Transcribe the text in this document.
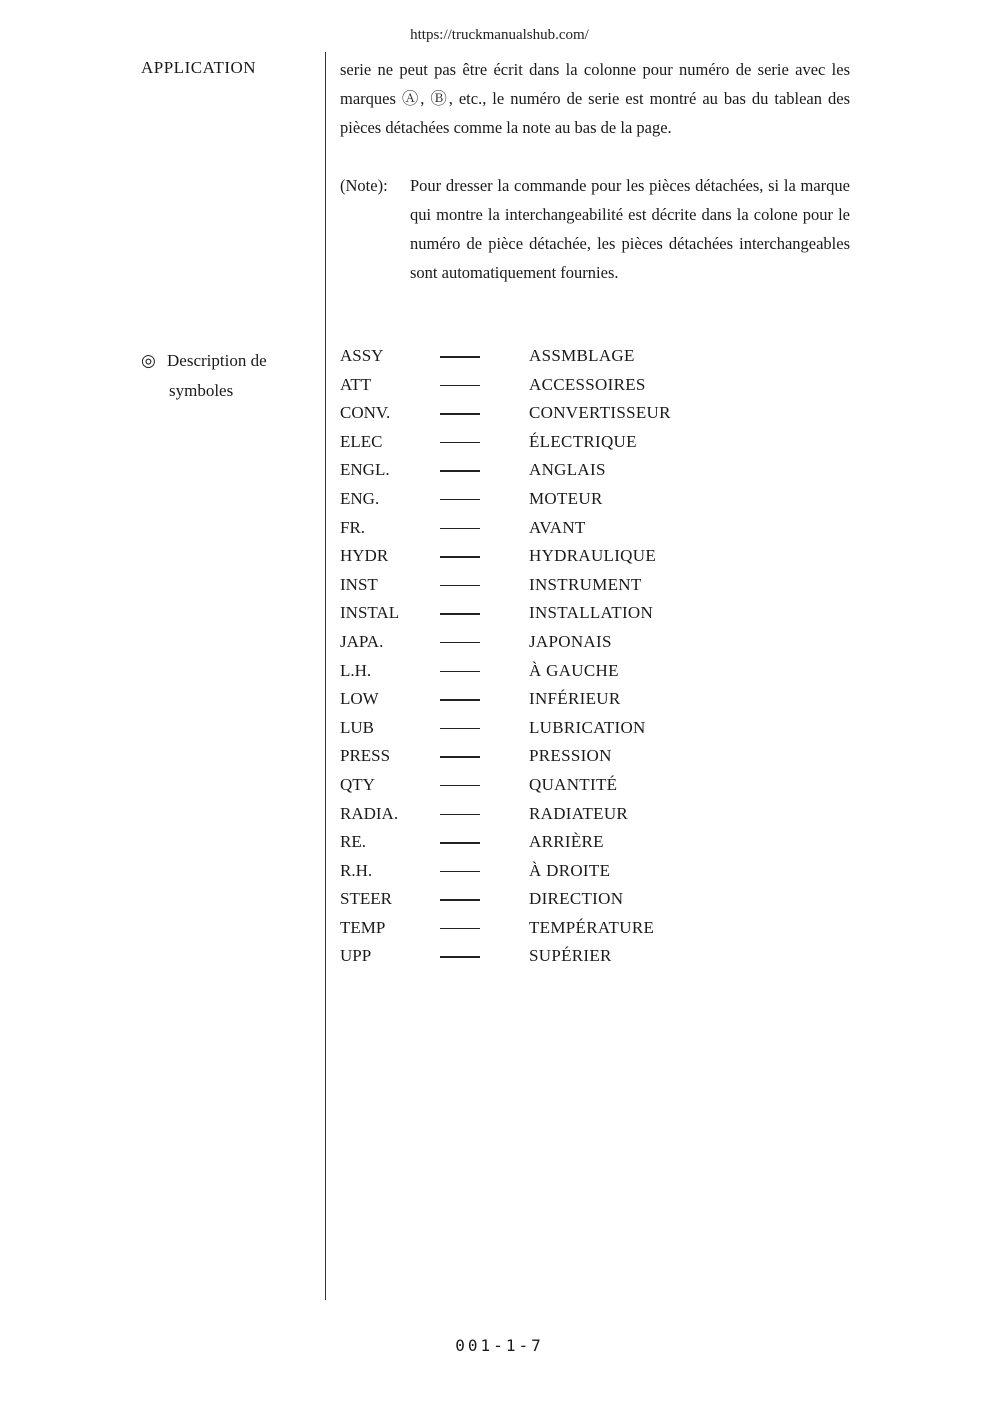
https://truckmanualshub.com/
APPLICATION	serie ne peut pas être écrit dans la colonne pour numéro de serie avec les marques Ⓐ, Ⓑ, etc., le numéro de serie est montré au bas du tablean des pièces détachées comme la note au bas de la page.

(Note): Pour dresser la commande pour les pièces détachées, si la marque qui montre la interchangeabilité est décrite dans la colone pour le numéro de pièce détachée, les pièces détachées interchangeables sont automatiquement fournies.
◎ Description de
symboles
ASSY	ASSMBLAGE
ATT	ACCESSOIRES
CONV.	CONVERTISSEUR
ELEC	ÉLECTRIQUE
ENGL.	ANGLAIS
ENG.	MOTEUR
FR.	AVANT
HYDR	HYDRAULIQUE
INST	INSTRUMENT
INSTAL	INSTALLATION
JAPA.	JAPONAIS
L.H.	À GAUCHE
LOW	INFÉRIEUR
LUB	LUBRICATION
PRESS	PRESSION
QTY	QUANTITÉ
RADIA.	RADIATEUR
RE.	ARRIÈRE
R.H.	À DROITE
STEER	DIRECTION
TEMP	TEMPÉRATURE
UPP	SUPÉRIER
001-1-7
